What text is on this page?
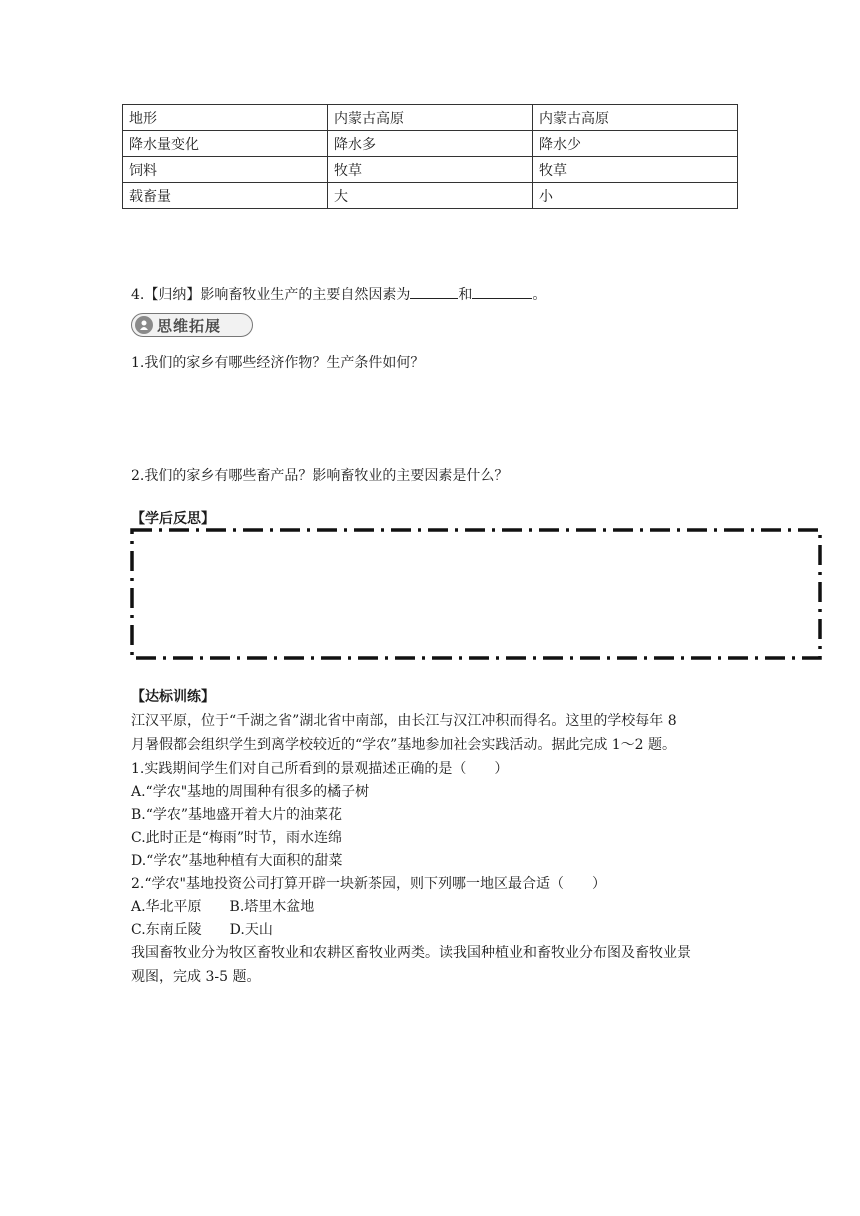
地形	内蒙古高原	内蒙古高原
降水量变化	降水多	降水少
饲料	牧草	牧草
载畜量	大	小
4.【归纳】影响畜牧业生产的主要自然因素为	和	。
思维拓展
1.我们的家乡有哪些经济作物？生产条件如何？
2.我们的家乡有哪些畜产品？影响畜牧业的主要因素是什么？
【学后反思】
【达标训练】
江汉平原，位于“千湖之省”湖北省中南部，由长江与汉江冲积而得名。这里的学校每年 8
月暑假都会组织学生到离学校较近的“学农”基地参加社会实践活动。据此完成 1～2 题。
1.实践期间学生们对自己所看到的景观描述正确的是（　　）
A.“学农"基地的周围种有很多的橘子树
B.“学农”基地盛开着大片的油菜花
C.此时正是“梅雨”时节，雨水连绵
D.“学农”基地种植有大面积的甜菜
2.“学农"基地投资公司打算开辟一块新茶园，则下列哪一地区最合适（　　）
A.华北平原　　B.塔里木盆地
C.东南丘陵　　D.天山
我国畜牧业分为牧区畜牧业和农耕区畜牧业两类。读我国种植业和畜牧业分布图及畜牧业景
观图，完成 3-5 题。
